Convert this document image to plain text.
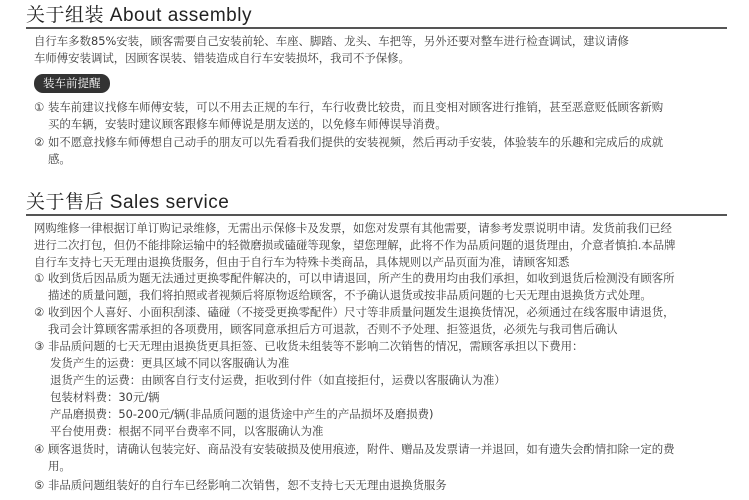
关于组装 About assembly
自行车多数85%安装，顾客需要自己安装前轮、车座、脚踏、龙头、车把等，另外还要对整车进行检查调试，建议请修
车师傅安装调试，因顾客误装、错装造成自行车安装损坏，我司不予保修。
装车前提醒
① 装车前建议找修车师傅安装，可以不用去正规的车行，车行收费比较贵，而且变相对顾客进行推销，甚至恶意贬低顾客新购
买的车辆，安装时建议顾客跟修车师傅说是朋友送的，以免修车师傅误导消费。
② 如不愿意找修车师傅想自己动手的朋友可以先看看我们提供的安装视频，然后再动手安装，体验装车的乐趣和完成后的成就
感。
关于售后 Sales service
网购维修一律根据订单订购记录维修，无需出示保修卡及发票，如您对发票有其他需要，请参考发票说明申请。发货前我们已经
进行二次打包，但仍不能排除运输中的轻微磨损或磕碰等现象，望您理解，此将不作为品质问题的退货理由，介意者慎拍.本品牌
自行车支持七天无理由退换货服务，但由于自行车为特殊卡类商品，具体规则以产品页面为准，请顾客知悉
① 收到货后因品质为题无法通过更换零配件解决的，可以申请退回，所产生的费用均由我们承担，如收到退货后检测没有顾客所
描述的质量问题，我们将拍照或者视频后将原物返给顾客，不予确认退货或按非品质问题的七天无理由退换货方式处理。
② 收到因个人喜好、小面积刮漆、磕碰（不接受更换零配件）尺寸等非质量问题发生退换货情况，必须通过在线客服申请退货，
我司会计算顾客需承担的各项费用，顾客同意承担后方可退款，否则不予处理、拒签退货，必须先与我司售后确认
③ 非品质问题的七天无理由退换货更具拒签、已收货未组装等不影响二次销售的情况，需顾客承担以下费用：
发货产生的运费：更具区域不同以客服确认为准
退货产生的运费：由顾客自行支付运费，拒收到付件（如直接拒付，运费以客服确认为准）
包装材料费：30元/辆
产品磨损费：50-200元/辆(非品质问题的退货途中产生的产品损坏及磨损费)
平台使用费：根据不同平台费率不同，以客服确认为准
④ 顾客退货时，请确认包装完好、商品没有安装破损及使用痕迹，附件、赠品及发票请一并退回，如有遗失会酌情扣除一定的费
用。
⑤ 非品质问题组装好的自行车已经影响二次销售，恕不支持七天无理由退换货服务
